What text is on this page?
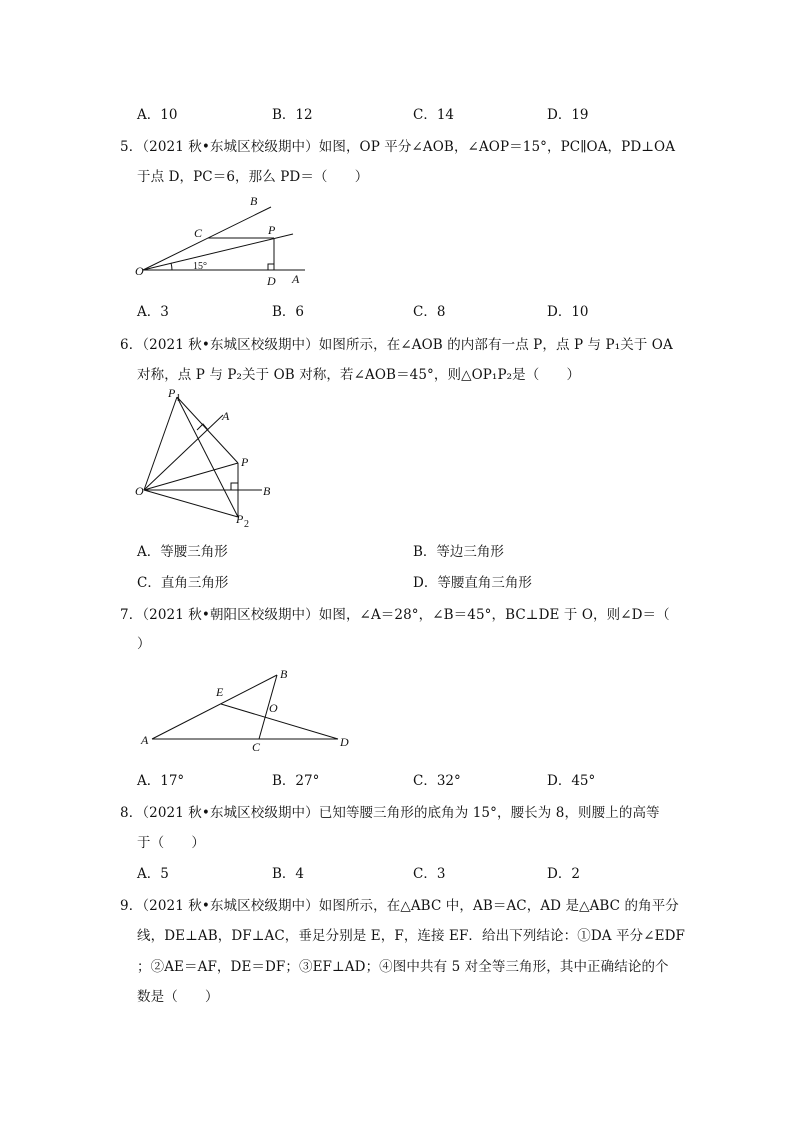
A．10	B．12	C．14	D．19
5．（2021 秋•东城区校级期中）如图，OP 平分∠AOB，∠AOP＝15°，PC∥OA，PD⊥OA
于点 D，PC＝6，那么 PD＝（　　）
B
C	P
O	15°
D A
A．3	B．6	C．8	D．10
6．（2021 秋•东城区校级期中）如图所示，在∠AOB 的内部有一点 P，点 P 与 P₁关于 OA
对称，点 P 与 P₂关于 OB 对称，若∠AOB＝45°，则△OP₁P₂是（　　）
P 1
A
P
O	B
P 2
A．等腰三角形	B．等边三角形
C．直角三角形	D．等腰直角三角形
7．（2021 秋•朝阳区校级期中）如图，∠A＝28°，∠B＝45°，BC⊥DE 于 O，则∠D＝（
）
B
E
O
A	C	D
A．17°	B．27°	C．32°	D．45°
8．（2021 秋•东城区校级期中）已知等腰三角形的底角为 15°，腰长为 8，则腰上的高等
于（　　）
A．5	B．4	C．3	D．2
9．（2021 秋•东城区校级期中）如图所示，在△ABC 中，AB＝AC，AD 是△ABC 的角平分
线，DE⊥AB，DF⊥AC，垂足分别是 E，F，连接 EF．给出下列结论：①DA 平分∠EDF
；②AE＝AF，DE＝DF；③EF⊥AD；④图中共有 5 对全等三角形，其中正确结论的个
数是（　　）
